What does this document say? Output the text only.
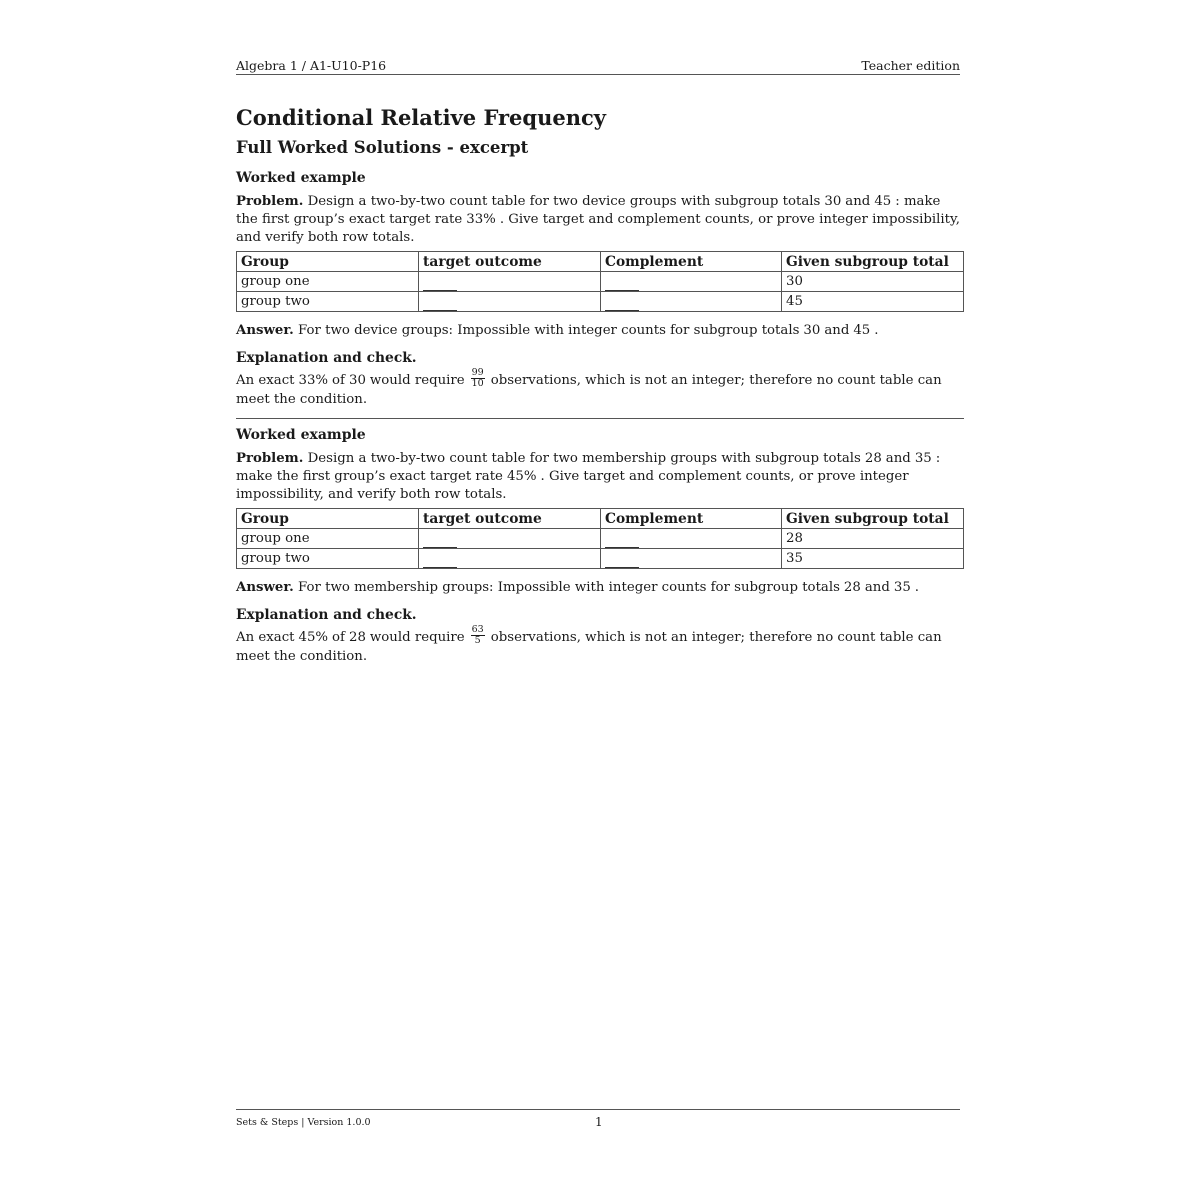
Algebra 1 / A1-U10-P16	Teacher edition
Conditional Relative Frequency
Full Worked Solutions - excerpt
Worked example

Problem. Design a two-by-two count table for two device groups with subgroup totals 30 and 45 : make the first group’s exact target rate 33% . Give target and complement counts, or prove integer impossibility, and verify both row totals.

Group	target outcome	Complement	Given subgroup total
group one			30
group two			45

Answer. For two device groups: Impossible with integer counts for subgroup totals 30 and 45 .

Explanation and check.

An exact 33% of 30 would require $\frac{99}{10}$ observations, which is not an integer; therefore no count table can meet the condition.

Worked example

Problem. Design a two-by-two count table for two membership groups with subgroup totals 28 and 35 : make the first group’s exact target rate 45% . Give target and complement counts, or prove integer impossibility, and verify both row totals.

Group	target outcome	Complement	Given subgroup total
group one			28
group two			35

Answer. For two membership groups: Impossible with integer counts for subgroup totals 28 and 35 .

Explanation and check.

An exact 45% of 28 would require $\frac{63}{5}$ observations, which is not an integer; therefore no count table can meet the condition.

Sets & Steps | Version 1.0.0	1
